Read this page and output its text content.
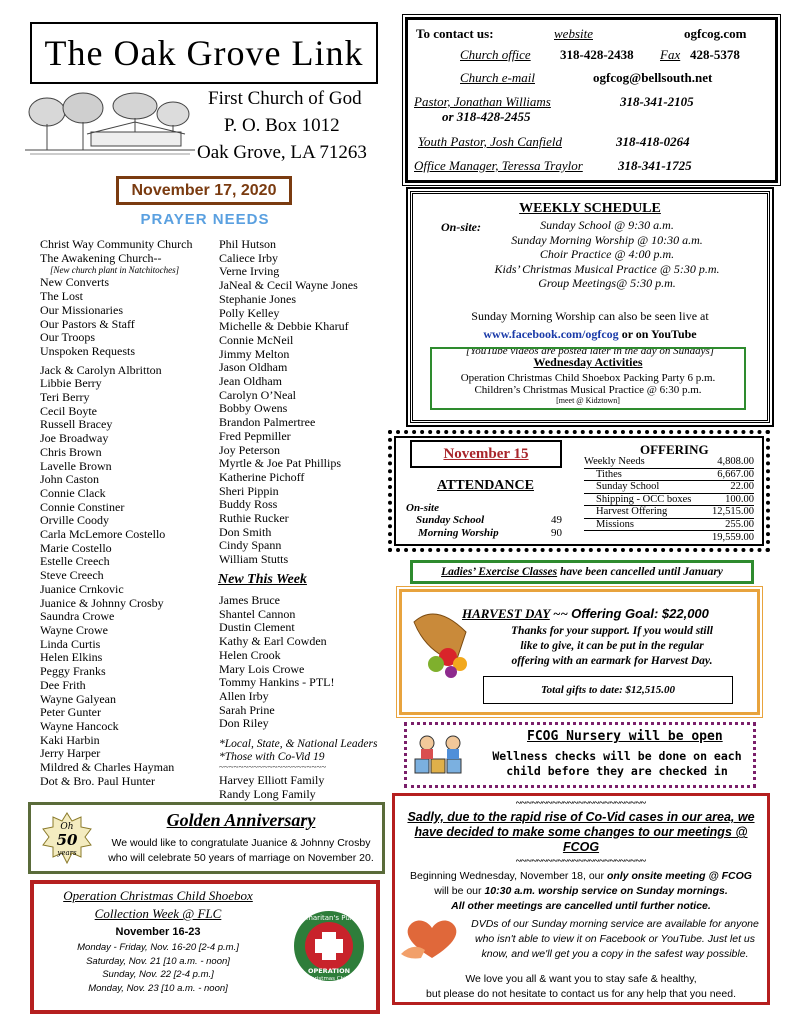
The Oak Grove Link
First Church of God
P. O. Box 1012
Oak Grove, LA 71263
To contact us:	website	ogfcog.com
Church office 318-428-2438 Fax 428-5378
Church e-mail	ogfcog@bellsouth.net
Pastor, Jonathan Williams	318-341-2105
or 318-428-2455
Youth Pastor, Josh Canfield	318-418-0264
Office Manager, Teressa Traylor	318-341-1725
November 17, 2020
PRAYER NEEDS
Christ Way Community Church
The Awakening Church--
[New church plant in Natchitoches]
New Converts
The Lost
Our Missionaries
Our Pastors & Staff
Our Troops
Unspoken Requests
Jack & Carolyn Albritton
Libbie Berry
Teri Berry
Cecil Boyte
Russell Bracey
Joe Broadway
Chris Brown
Lavelle Brown
John Caston
Connie Clack
Connie Constiner
Orville Coody
Carla McLemore Costello
Marie Costello
Estelle Creech
Steve Creech
Juanice Crnkovic
Juanice & Johnny Crosby
Saundra Crowe
Wayne Crowe
Linda Curtis
Helen Elkins
Peggy Franks
Dee Frith
Wayne Galyean
Peter Gunter
Wayne Hancock
Kaki Harbin
Jerry Harper
Mildred & Charles Hayman
Dot & Bro. Paul Hunter
Phil Hutson
Caliece Irby
Verne Irving
JaNeal & Cecil Wayne Jones
Stephanie Jones
Polly Kelley
Michelle & Debbie Kharuf
Connie McNeil
Jimmy Melton
Jason Oldham
Jean Oldham
Carolyn O’Neal
Bobby Owens
Brandon Palmertree
Fred Pepmiller
Joy Peterson
Myrtle & Joe Pat Phillips
Katherine Pichoff
Sheri Pippin
Buddy Ross
Ruthie Rucker
Don Smith
Cindy Spann
William Stutts
New This Week
James Bruce
Shantel Cannon
Dustin Clement
Kathy & Earl Cowden
Helen Crook
Mary Lois Crowe
Tommy Hankins - PTL!
Allen Irby
Sarah Prine
Don Riley
*Local, State, & National Leaders
*Those with Co-Vid 19
~~~~~~~~~~~~~~~~~~~~~~
Harvey Elliott Family
Randy Long Family
WEEKLY SCHEDULE
On-site:	Sunday School @ 9:30 a.m.
Sunday Morning Worship @ 10:30 a.m.
Choir Practice @ 4:00 p.m.
Kids’ Christmas Musical Practice @ 5:30 p.m.
Group Meetings@ 5:30 p.m.
Sunday Morning Worship can also be seen live at
www.facebook.com/ogfcog or on YouTube
[YouTube videos are posted later in the day on Sundays]
Wednesday Activities
Operation Christmas Child Shoebox Packing Party 6 p.m.
Children’s Christmas Musical Practice @ 6:30 p.m.
[meet @ Kidztown]
November 15
ATTENDANCE
On-site
Sunday School	49
Morning Worship	90
OFFERING
Weekly Needs	4,808.00
Tithes	6,667.00
Sunday School	22.00
Shipping - OCC boxes	100.00
Harvest Offering	12,515.00
Missions	255.00
19,559.00
Ladies’ Exercise Classes have been cancelled until January
HARVEST DAY ~~ Offering Goal: $22,000
Thanks for your support. If you would still
like to give, it can be put in the regular
offering with an earmark for Harvest Day.
Total gifts to date: $12,515.00
FCOG Nursery will be open
Wellness checks will be done on each
child before they are checked in
Oh
50
years
Golden Anniversary
We would like to congratulate Juanice & Johnny Crosby
who will celebrate 50 years of marriage on November 20.
Operation Christmas Child Shoebox
Collection Week @ FLC
November 16-23
Monday - Friday, Nov. 16-20 [2-4 p.m.]
Saturday, Nov. 21 [10 a.m. - noon]
Sunday, Nov. 22 [2-4 p.m.]
Monday, Nov. 23 [10 a.m. - noon]
Samaritan's Purse
OPERATION
Christmas Child
~~~~~~~~~~~~~~~~~~~~~~~~~
Sadly, due to the rapid rise of Co-Vid cases in our area, we have decided to make some changes to our meetings @ FCOG
~~~~~~~~~~~~~~~~~~~~~~~~~
Beginning Wednesday, November 18, our only onsite meeting @ FCOG will be our 10:30 a.m. worship service on Sunday mornings.
All other meetings are cancelled until further notice.
DVDs of our Sunday morning service are available for anyone who isn't able to view it on Facebook or YouTube. Just let us know, and we'll get you a copy in the safest way possible.
We love you all & want you to stay safe & healthy,
but please do not hesitate to contact us for any help that you need.
